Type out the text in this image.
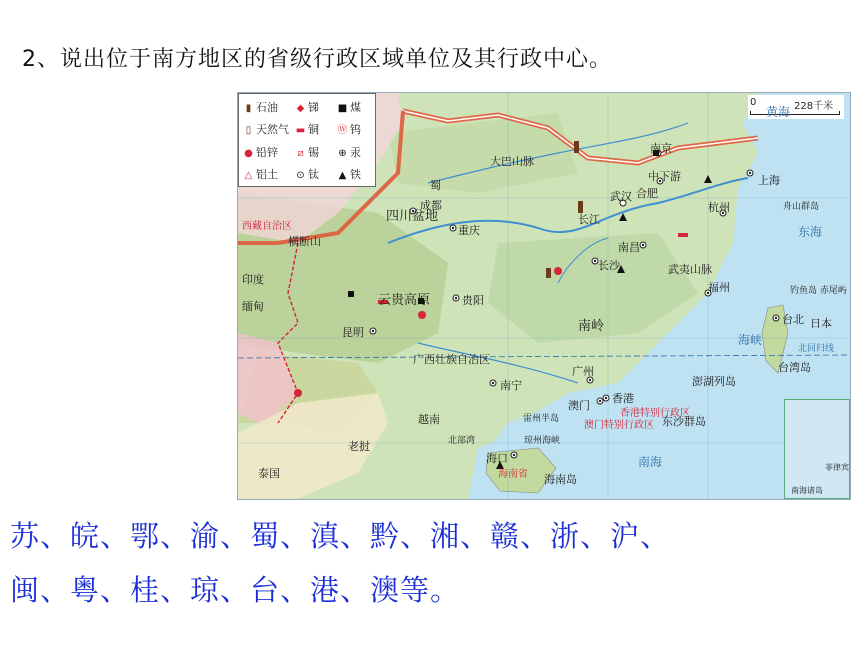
2、说出位于南方地区的省级行政区域单位及其行政中心。
▮ 石油 ◆ 锑 ■ 煤
▯ 天然气 ▬ 铜 Ⓦ 钨
● 铅锌 ⧄ 锡 ⊕ 汞
△ 铝土 ⊙ 钛 ▲ 铁
0	228千米
上海
南京
合肥
杭州
武汉
南昌
长沙
福州
成都
重庆
贵阳
昆明
南宁
广州
香港
澳门
海口
台北
四川盆地
大巴山脉
长江
中下游
武夷山脉
南岭
云贵高原
广西壮族自治区
横断山
西藏自治区
蜀
印度
缅甸
老挝
泰国
越南
日本
海南岛
台湾岛
东沙群岛
澎湖列岛
钓鱼岛 赤尾屿
舟山群岛
香港特别行政区
澳门特别行政区
海南省
黄海
东海
南海
海峡
北部湾	琼州海峡
雷州半岛
北回归线
南海诸岛
菲律宾
苏、皖、鄂、渝、蜀、滇、黔、湘、赣、浙、沪、
闽、粤、桂、琼、台、港、澳等。
